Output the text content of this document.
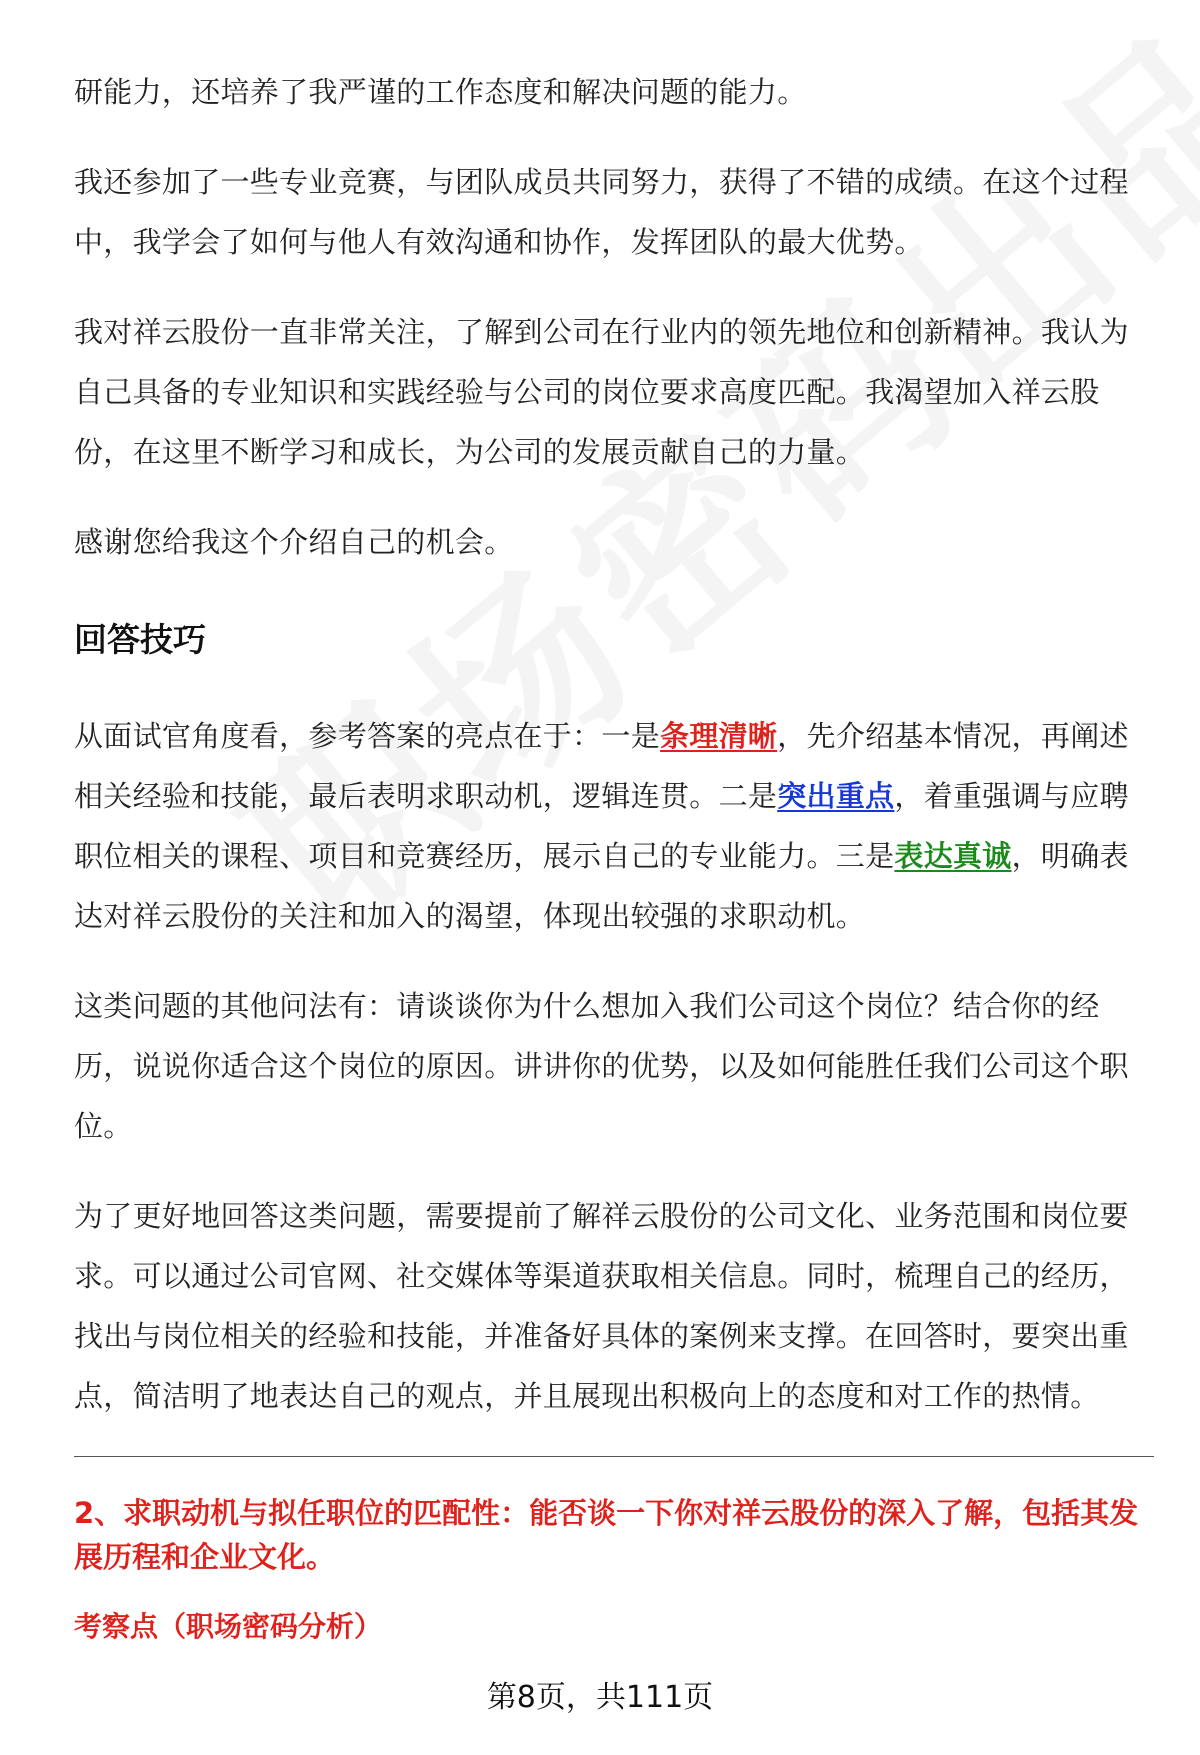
研能力，还培养了我严谨的工作态度和解决问题的能力。

我还参加了一些专业竞赛，与团队成员共同努力，获得了不错的成绩。在这个过程中，我学会了如何与他人有效沟通和协作，发挥团队的最大优势。

我对祥云股份一直非常关注，了解到公司在行业内的领先地位和创新精神。我认为自己具备的专业知识和实践经验与公司的岗位要求高度匹配。我渴望加入祥云股份，在这里不断学习和成长，为公司的发展贡献自己的力量。

感谢您给我这个介绍自己的机会。

回答技巧

从面试官角度看，参考答案的亮点在于：一是条理清晰，先介绍基本情况，再阐述相关经验和技能，最后表明求职动机，逻辑连贯。二是突出重点，着重强调与应聘职位相关的课程、项目和竞赛经历，展示自己的专业能力。三是表达真诚，明确表达对祥云股份的关注和加入的渴望，体现出较强的求职动机。

这类问题的其他问法有：请谈谈你为什么想加入我们公司这个岗位？结合你的经历，说说你适合这个岗位的原因。讲讲你的优势，以及如何能胜任我们公司这个职位。

为了更好地回答这类问题，需要提前了解祥云股份的公司文化、业务范围和岗位要求。可以通过公司官网、社交媒体等渠道获取相关信息。同时，梳理自己的经历，找出与岗位相关的经验和技能，并准备好具体的案例来支撑。在回答时，要突出重点，简洁明了地表达自己的观点，并且展现出积极向上的态度和对工作的热情。

2、求职动机与拟任职位的匹配性：能否谈一下你对祥云股份的深入了解，包括其发展历程和企业文化。

考察点（职场密码分析）

第8页，共111页
